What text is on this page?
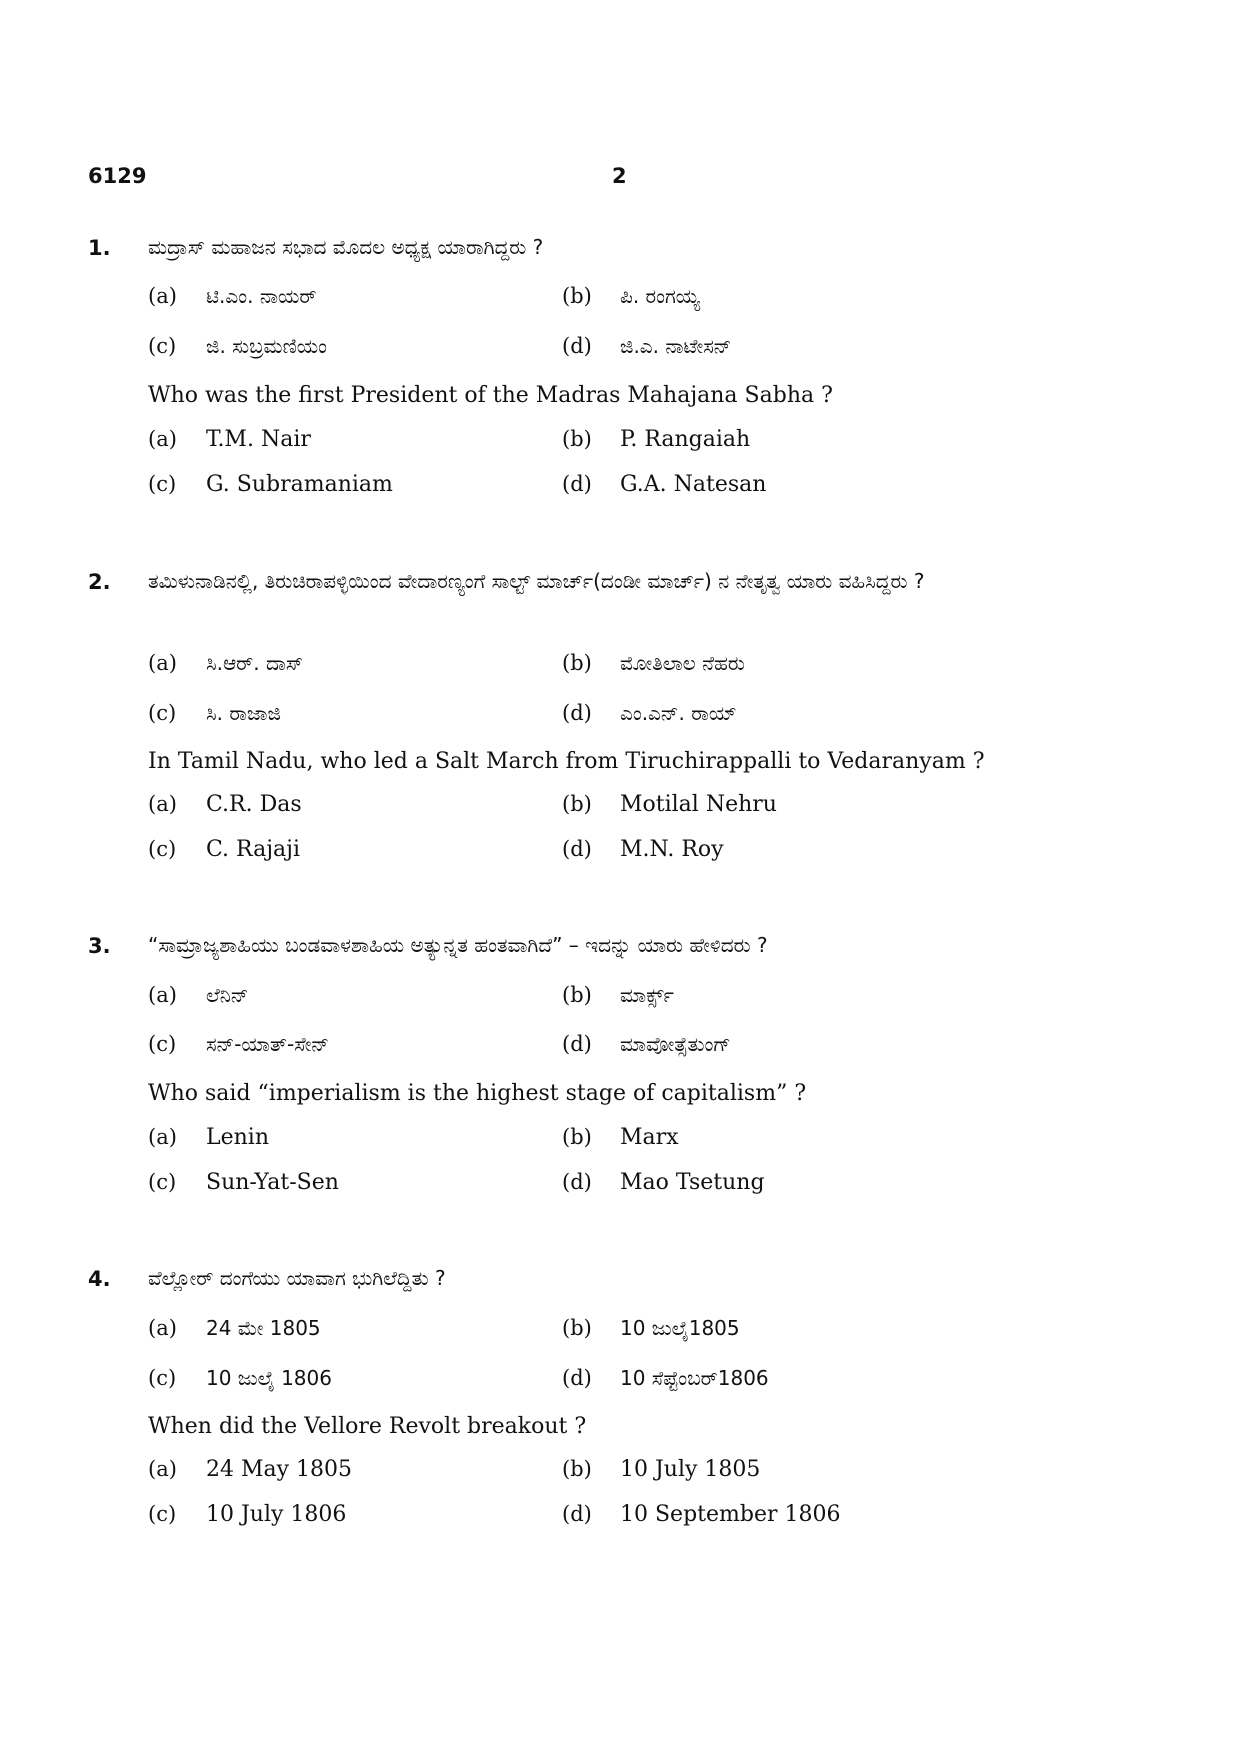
6129	2
1. ಮದ್ರಾಸ್ ಮಹಾಜನ ಸಭಾದ ಮೊದಲ ಅಧ್ಯಕ್ಷ ಯಾರಾಗಿದ್ದರು ?
(a) ಟಿ.ಎಂ. ನಾಯರ್	(b) ಪಿ. ರಂಗಯ್ಯ
(c) ಜಿ. ಸುಬ್ರಮಣಿಯಂ	(d) ಜಿ.ಎ. ನಾಟೇಸನ್
Who was the first President of the Madras Mahajana Sabha ?
(a) T.M. Nair	(b) P. Rangaiah
(c) G. Subramaniam	(d) G.A. Natesan
2. ತಮಿಳುನಾಡಿನಲ್ಲಿ, ತಿರುಚಿರಾಪಳ್ಳಿಯಿಂದ ವೇದಾರಣ್ಯಂಗೆ ಸಾಲ್ಟ್ ಮಾರ್ಚ್(ದಂಡೀ ಮಾರ್ಚ್) ನ ನೇತೃತ್ವ ಯಾರು ವಹಿಸಿದ್ದರು ?
(a) ಸಿ.ಆರ್. ದಾಸ್	(b) ಮೋತಿಲಾಲ ನೆಹರು
(c) ಸಿ. ರಾಜಾಜಿ	(d) ಎಂ.ಎನ್. ರಾಯ್
In Tamil Nadu, who led a Salt March from Tiruchirappalli to Vedaranyam ?
(a) C.R. Das	(b) Motilal Nehru
(c) C. Rajaji	(d) M.N. Roy
3. “ಸಾಮ್ರಾಜ್ಯಶಾಹಿಯು ಬಂಡವಾಳಶಾಹಿಯ ಅತ್ಯುನ್ನತ ಹಂತವಾಗಿದೆ” – ಇದನ್ನು ಯಾರು ಹೇಳಿದರು ?
(a) ಲೆನಿನ್	(b) ಮಾರ್ಕ್ಸ್
(c) ಸನ್-ಯಾತ್-ಸೇನ್	(d) ಮಾವೋತ್ಸೆತುಂಗ್
Who said “imperialism is the highest stage of capitalism” ?
(a) Lenin	(b) Marx
(c) Sun-Yat-Sen	(d) Mao Tsetung
4. ವೆಲ್ಲೋರ್ ದಂಗೆಯು ಯಾವಾಗ ಭುಗಿಲೆದ್ದಿತು ?
(a) 24 ಮೇ 1805	(b) 10 ಜುಲೈ1805
(c) 10 ಜುಲೈ 1806	(d) 10 ಸೆಪ್ಟೆಂಬರ್1806
When did the Vellore Revolt breakout ?
(a) 24 May 1805	(b) 10 July 1805
(c) 10 July 1806	(d) 10 September 1806
